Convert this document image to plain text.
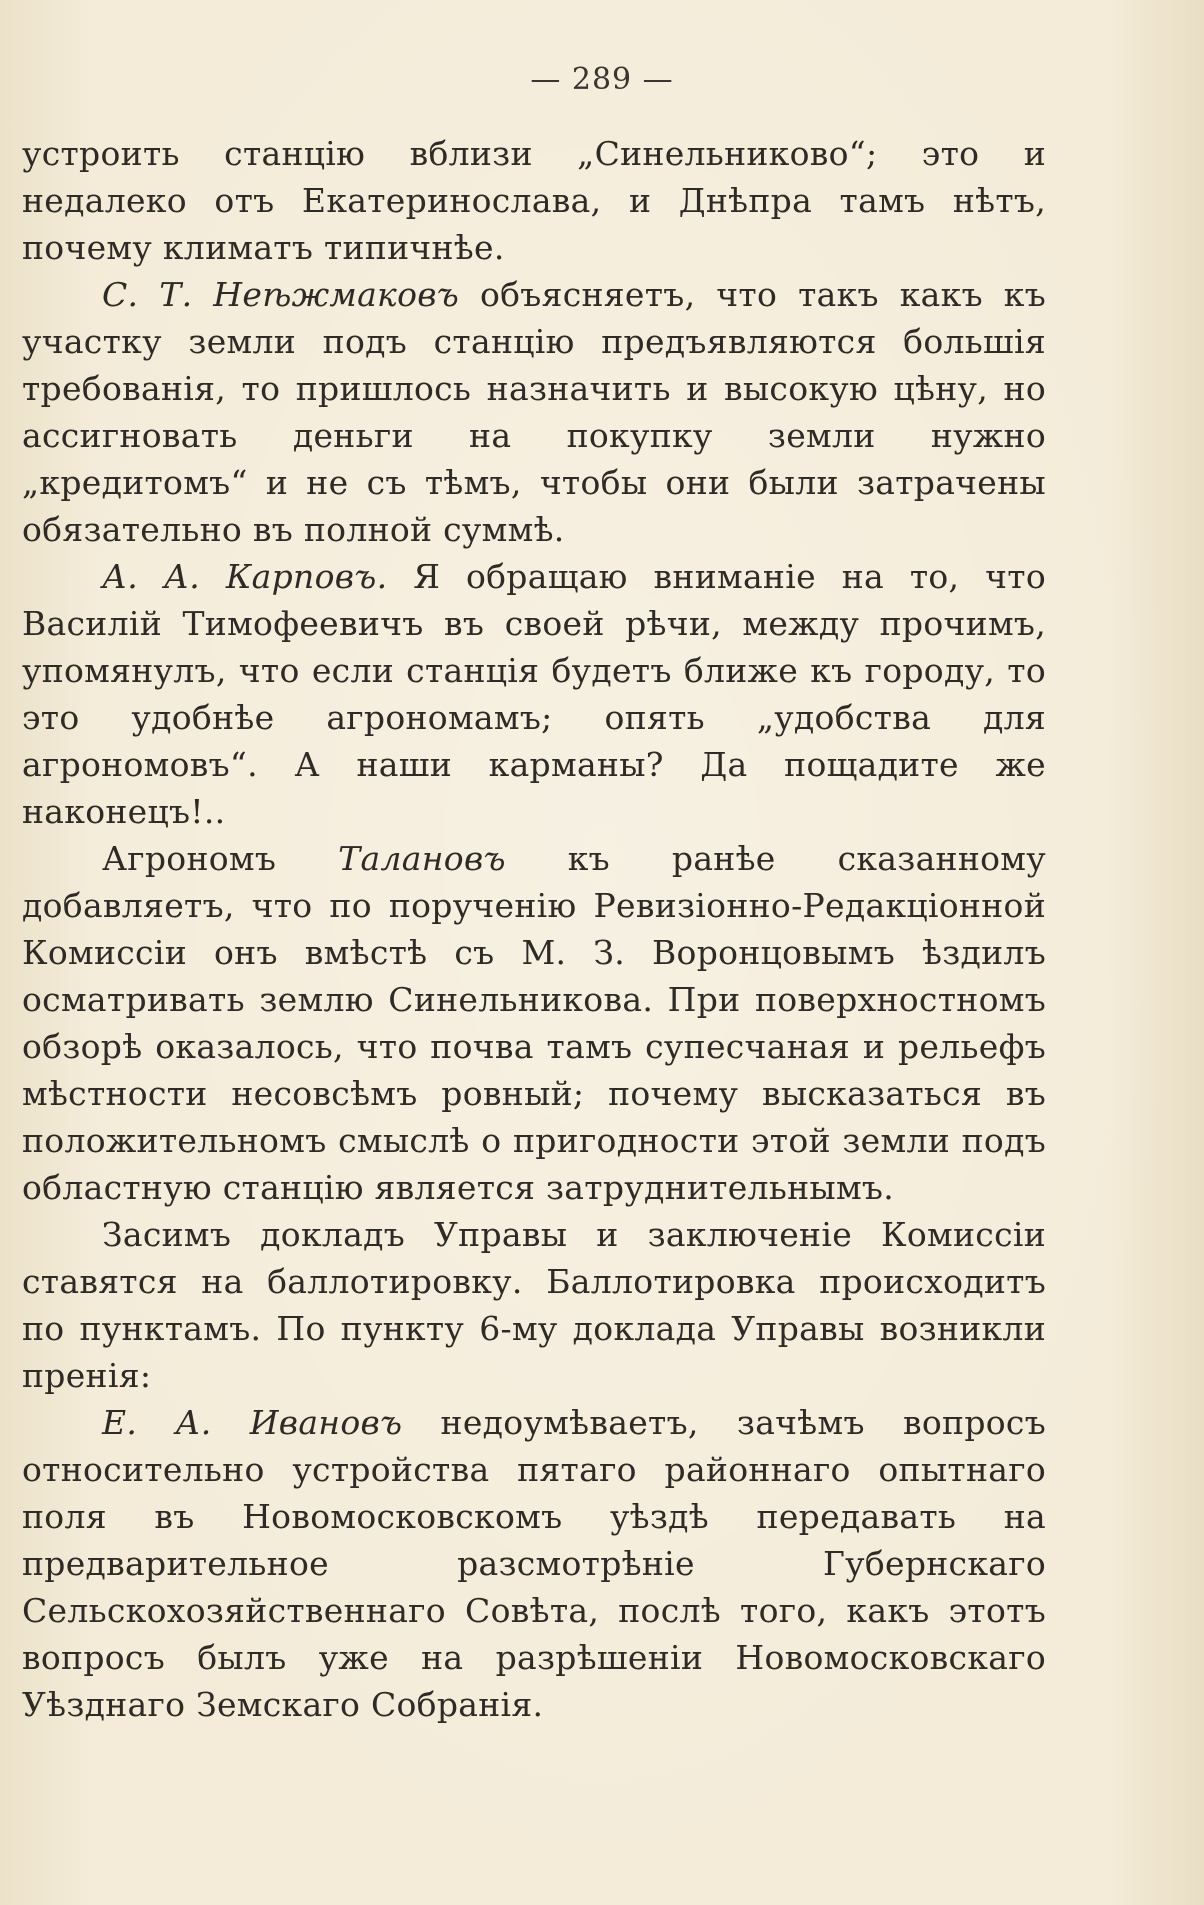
— 289 —

устроить станцію вблизи „Синельниково“; это и недалеко отъ Екатеринослава, и Днѣпра тамъ нѣтъ, почему климатъ типичнѣе.

С. Т. Неѣжмаковъ объясняетъ, что такъ какъ къ участку земли подъ станцію предъявляются большія требованія, то пришлось назначить и высокую цѣну, но ассигновать деньги на покупку земли нужно „кредитомъ“ и не съ тѣмъ, чтобы они были затрачены обязательно въ полной суммѣ.

А. А. Карповъ. Я обращаю вниманіе на то, что Василій Тимофеевичъ въ своей рѣчи, между прочимъ, упомянулъ, что если станція будетъ ближе къ городу, то это удобнѣе агрономамъ; опять „удобства для агрономовъ“. А наши карманы? Да пощадите же наконецъ!..

Агрономъ Талановъ къ ранѣе сказанному добавляетъ, что по порученію Ревизіонно-Редакціонной Комиссіи онъ вмѣстѣ съ М. З. Воронцовымъ ѣздилъ осматривать землю Синельникова. При поверхностномъ обзорѣ оказалось, что почва тамъ супесчаная и рельефъ мѣстности несовсѣмъ ровный; почему высказаться въ положительномъ смыслѣ о пригодности этой земли подъ областную станцію является затруднительнымъ.

Засимъ докладъ Управы и заключеніе Комиссіи ставятся на баллотировку. Баллотировка происходитъ по пунктамъ. По пункту 6-му доклада Управы возникли пренія:

Е. А. Ивановъ недоумѣваетъ, зачѣмъ вопросъ относительно устройства пятаго районнаго опытнаго поля въ Новомосковскомъ уѣздѣ передавать на предварительное разсмотрѣніе Губернскаго Сельскохозяйственнаго Совѣта, послѣ того, какъ этотъ вопросъ былъ уже на разрѣшеніи Новомосковскаго Уѣзднаго Земскаго Собранія.
